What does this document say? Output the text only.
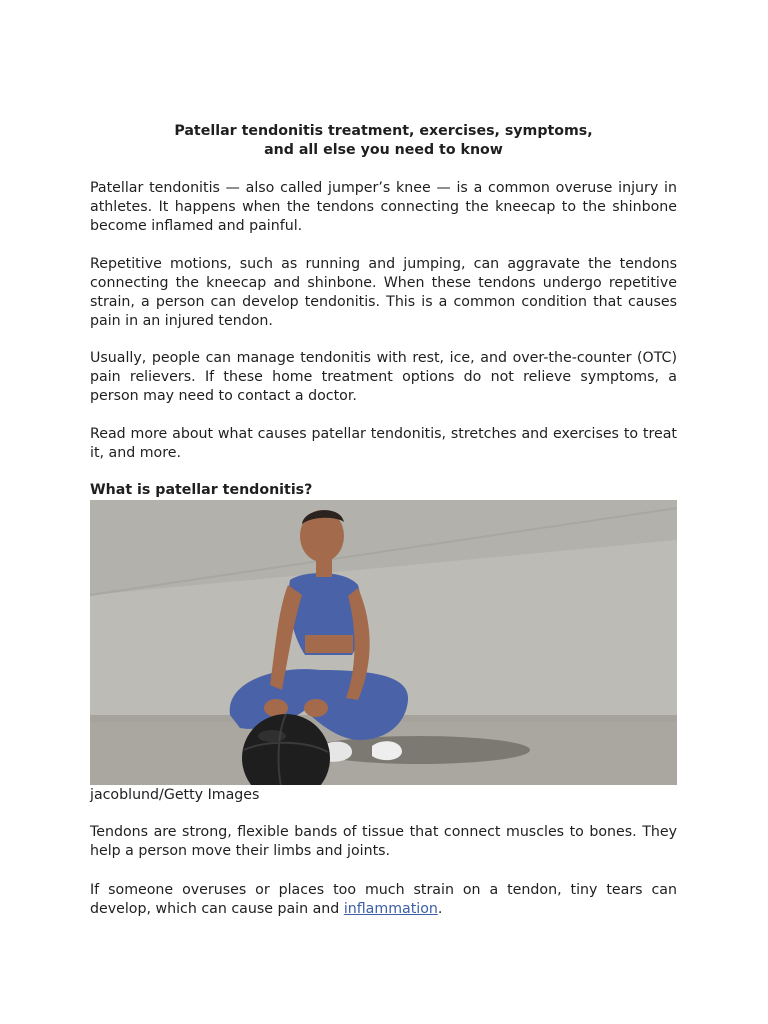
Patellar tendonitis treatment, exercises, symptoms,
and all else you need to know

Patellar tendonitis — also called jumper’s knee — is a common overuse injury in athletes. It happens when the tendons connecting the kneecap to the shinbone become inflamed and painful.

Repetitive motions, such as running and jumping, can aggravate the tendons connecting the kneecap and shinbone. When these tendons undergo repetitive strain, a person can develop tendonitis. This is a common condition that causes pain in an injured tendon.

Usually, people can manage tendonitis with rest, ice, and over-the-counter (OTC) pain relievers. If these home treatment options do not relieve symptoms, a person may need to contact a doctor.

Read more about what causes patellar tendonitis, stretches and exercises to treat it, and more.

What is patellar tendonitis?

jacoblund/Getty Images

Tendons are strong, flexible bands of tissue that connect muscles to bones. They help a person move their limbs and joints.

If someone overuses or places too much strain on a tendon, tiny tears can develop, which can cause pain and inflammation.
